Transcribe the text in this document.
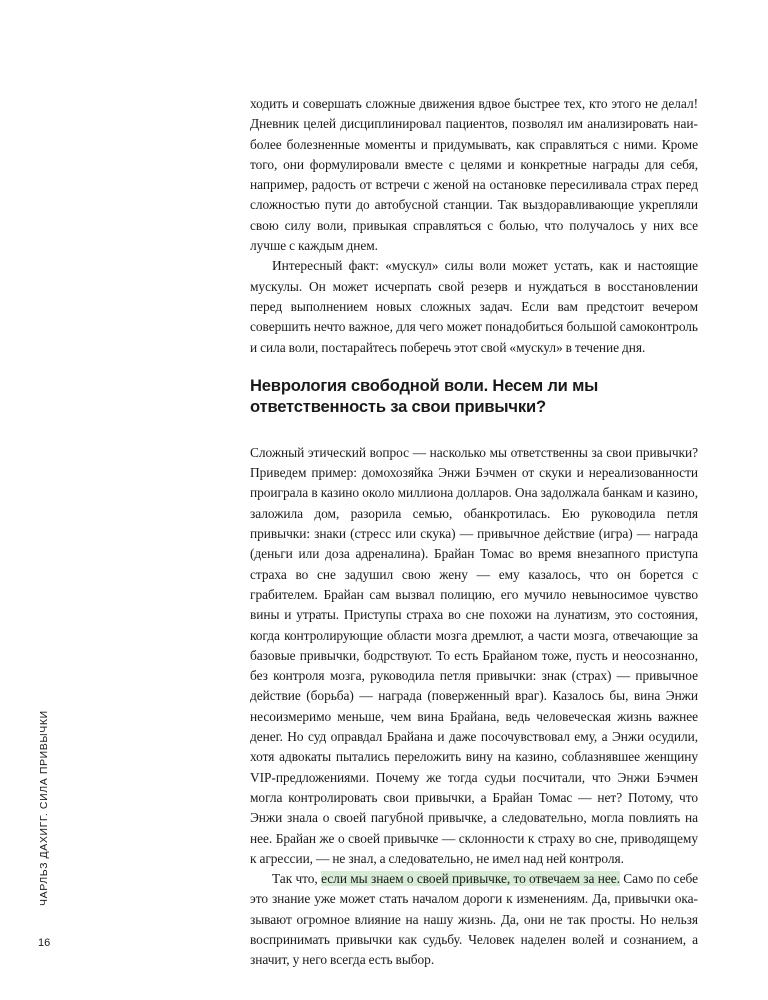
ходить и совершать сложные движения вдвое быстрее тех, кто этого не делал! Дневник целей дисциплинировал пациентов, позволял им анализировать наиболее болезненные моменты и придумывать, как справляться с ними. Кроме того, они формулировали вместе с целями и конкретные награды для себя, например, радость от встречи с женой на остановке пересиливала страх перед сложностью пути до автобусной станции. Так выздоравливающие укрепляли свою силу воли, привыкая справляться с болью, что получалось у них все лучше с каждым днем.

Интересный факт: «мускул» силы воли может устать, как и настоящие мускулы. Он может исчерпать свой резерв и нуждаться в восстановлении перед выполнением новых сложных задач. Если вам предстоит вечером совершить нечто важное, для чего может понадобиться большой самоконтроль и сила воли, постарайтесь поберечь этот свой «мускул» в течение дня.

Неврология свободной воли. Несем ли мы ответственность за свои привычки?

Сложный этический вопрос — насколько мы ответственны за свои привычки? Приведем пример: домохозяйка Энжи Бэчмен от скуки и нереализованности проиграла в казино около миллиона долларов. Она задолжала банкам и казино, заложила дом, разорила семью, обанкротилась. Ею руководила петля привычки: знаки (стресс или скука) — привычное действие (игра) — награда (деньги или доза адреналина). Брайан Томас во время внезапного приступа страха во сне задушил свою жену — ему казалось, что он борется с грабителем. Брайан сам вызвал полицию, его мучило невыносимое чувство вины и утраты. Приступы страха во сне похожи на лунатизм, это состояния, когда контролирующие области мозга дремлют, а части мозга, отвечающие за базовые привычки, бодрствуют. То есть Брайаном тоже, пусть и неосознанно, без контроля мозга, руководила петля привычки: знак (страх) — привычное действие (борьба) — награда (поверженный враг). Казалось бы, вина Энжи несоизмеримо меньше, чем вина Брайана, ведь человеческая жизнь важнее денег. Но суд оправдал Брайана и даже посочувствовал ему, а Энжи осудили, хотя адвокаты пытались переложить вину на казино, соблазнявшее женщину VIP-предложениями. Почему же тогда судьи посчитали, что Энжи Бэчмен могла контролировать свои привычки, а Брайан Томас — нет? Потому, что Энжи знала о своей пагубной привычке, а следовательно, могла повлиять на нее. Брайан же о своей привычке — склонности к страху во сне, приводящему к агрессии, — не знал, а следовательно, не имел над ней контроля.

Так что, если мы знаем о своей привычке, то отвечаем за нее. Само по себе это знание уже может стать началом дороги к изменениям. Да, привычки оказывают огромное влияние на нашу жизнь. Да, они не так просты. Но нельзя воспринимать привычки как судьбу. Человек наделен волей и сознанием, а значит, у него всегда есть выбор.

ЧАРЛЬЗ ДАХИГГ. СИЛА ПРИВЫЧКИ
16
